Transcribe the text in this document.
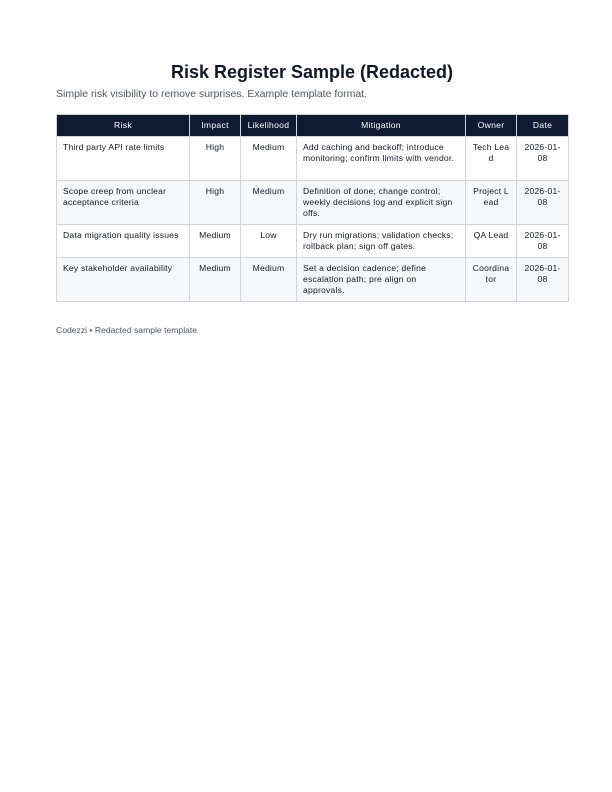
Risk Register Sample (Redacted)
Simple risk visibility to remove surprises. Example template format.
Risk	Impact	Likelihood	Mitigation	Owner	Date
Third party API rate limits	High	Medium	Add caching and backoff; introduce monitoring; confirm limits with vendor.	Tech Lead	2026-01-08
Scope creep from unclear acceptance criteria	High	Medium	Definition of done; change control; weekly decisions log and explicit sign offs.	Project Lead	2026-01-08
Data migration quality issues	Medium	Low	Dry run migrations; validation checks; rollback plan; sign off gates.	QA Lead	2026-01-08
Key stakeholder availability	Medium	Medium	Set a decision cadence; define escalation path; pre align on approvals.	Coordinator	2026-01-08
Codezzi • Redacted sample template
